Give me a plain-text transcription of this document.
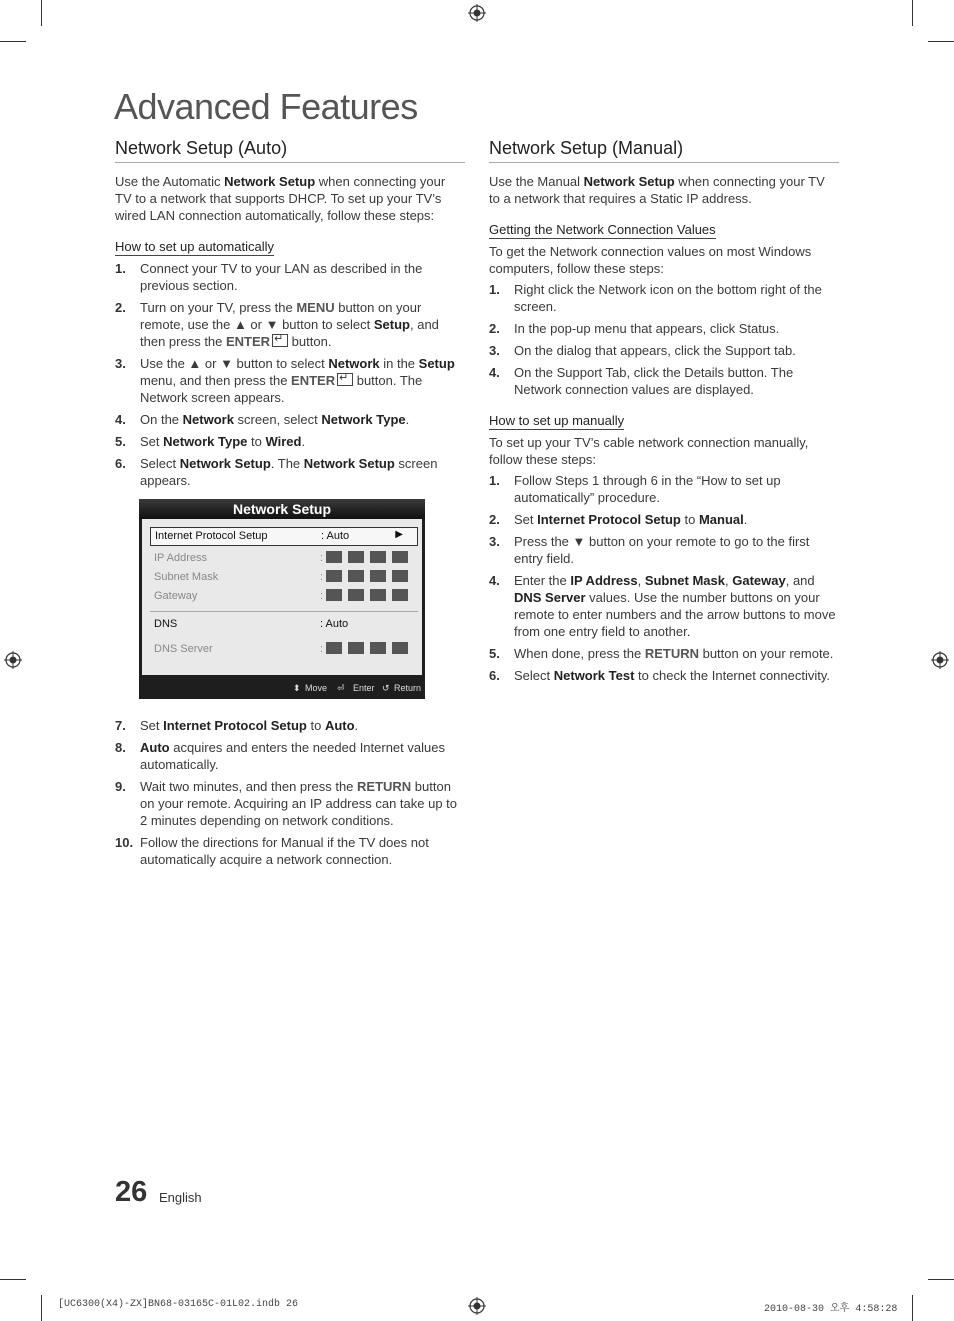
Advanced Features
Network Setup (Auto)
Use the Automatic Network Setup when connecting your TV to a network that supports DHCP. To set up your TV’s wired LAN connection automatically, follow these steps:
How to set up automatically
1. Connect your TV to your LAN as described in the previous section.
2. Turn on your TV, press the MENU button on your remote, use the ▲ or ▼ button to select Setup, and then press the ENTER↵ button.
3. Use the ▲ or ▼ button to select Network in the Setup menu, and then press the ENTER↵ button. The Network screen appears.
4. On the Network screen, select Network Type.
5. Set Network Type to Wired.
6. Select Network Setup. The Network Setup screen appears.
Network Setup
Internet Protocol Setup	: Auto	▶
IP Address	:
Subnet Mask	:
Gateway	:
DNS	: Auto
DNS Server	:
⬍ Move ⏎ Enter ↺ Return
7. Set Internet Protocol Setup to Auto.
8. Auto acquires and enters the needed Internet values automatically.
9. Wait two minutes, and then press the RETURN button on your remote. Acquiring an IP address can take up to 2 minutes depending on network conditions.
10. Follow the directions for Manual if the TV does not automatically acquire a network connection.
Network Setup (Manual)
Use the Manual Network Setup when connecting your TV to a network that requires a Static IP address.
Getting the Network Connection Values
To get the Network connection values on most Windows computers, follow these steps:
1. Right click the Network icon on the bottom right of the screen.
2. In the pop-up menu that appears, click Status.
3. On the dialog that appears, click the Support tab.
4. On the Support Tab, click the Details button. The Network connection values are displayed.
How to set up manually
To set up your TV’s cable network connection manually, follow these steps:
1. Follow Steps 1 through 6 in the “How to set up automatically” procedure.
2. Set Internet Protocol Setup to Manual.
3. Press the ▼ button on your remote to go to the first entry field.
4. Enter the IP Address, Subnet Mask, Gateway, and DNS Server values. Use the number buttons on your remote to enter numbers and the arrow buttons to move from one entry field to another.
5. When done, press the RETURN button on your remote.
6. Select Network Test to check the Internet connectivity.
26 English
[UC6300(X4)-ZX]BN68-03165C-01L02.indb 26	2010-08-30 오후 4:58:28
